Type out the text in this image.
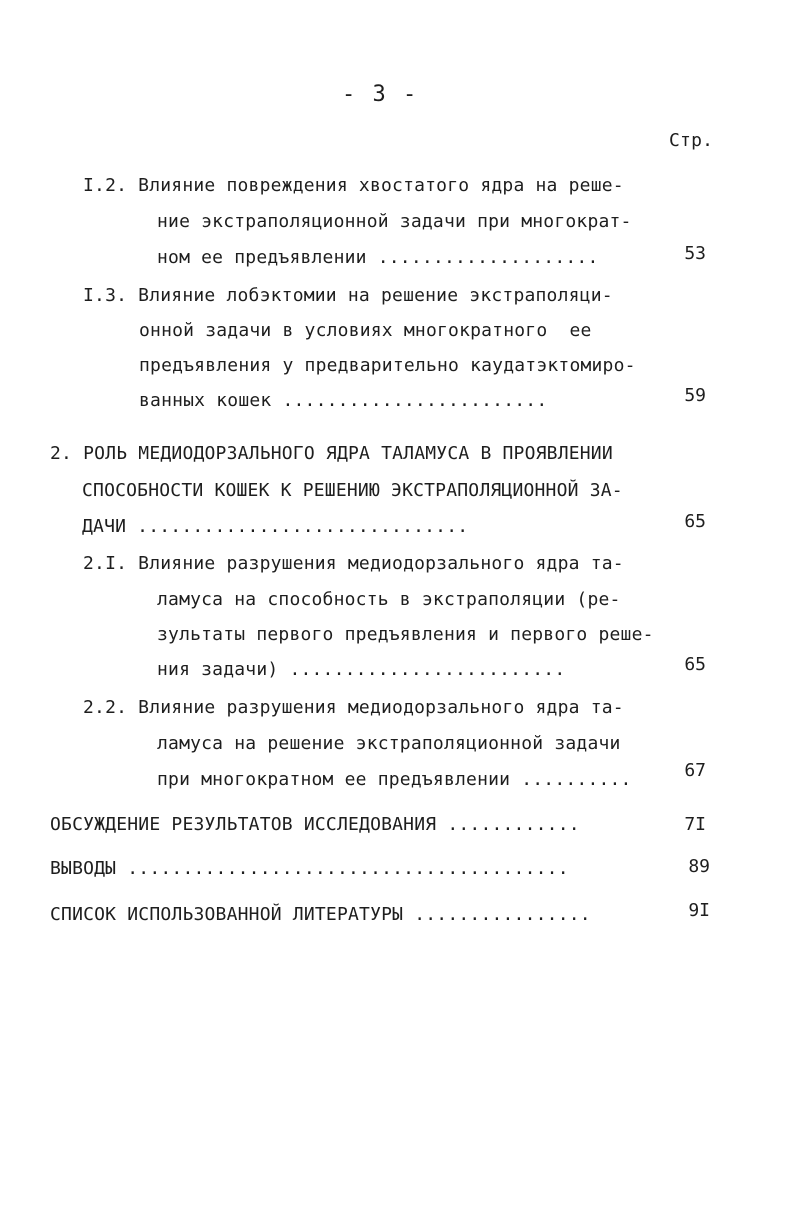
- 3 -
Стр.
I.2. Влияние повреждения хвостатого ядра на реше-
ние экстраполяционной задачи при многократ-
ном ее предъявлении ....................	53
I.3. Влияние лобэктомии на решение экстраполяци-
онной задачи в условиях многократного  ее
предъявления у предварительно каудатэктомиро-
ванных кошек ........................	59
2. РОЛЬ МЕДИОДОРЗАЛЬНОГО ЯДРА ТАЛАМУСА В ПРОЯВЛЕНИИ
СПОСОБНОСТИ КОШЕК К РЕШЕНИЮ ЭКСТРАПОЛЯЦИОННОЙ ЗА-
ДАЧИ ..............................	65
2.I. Влияние разрушения медиодорзального ядра та-
ламуса на способность в экстраполяции (ре-
зультаты первого предъявления и первого реше-
ния задачи) .........................	65
2.2. Влияние разрушения медиодорзального ядра та-
ламуса на решение экстраполяционной задачи
при многократном ее предъявлении ..........	67
ОБСУЖДЕНИЕ РЕЗУЛЬТАТОВ ИССЛЕДОВАНИЯ ............	7I
ВЫВОДЫ ........................................	89
СПИСОК ИСПОЛЬЗОВАННОЙ ЛИТЕРАТУРЫ ................	9I
